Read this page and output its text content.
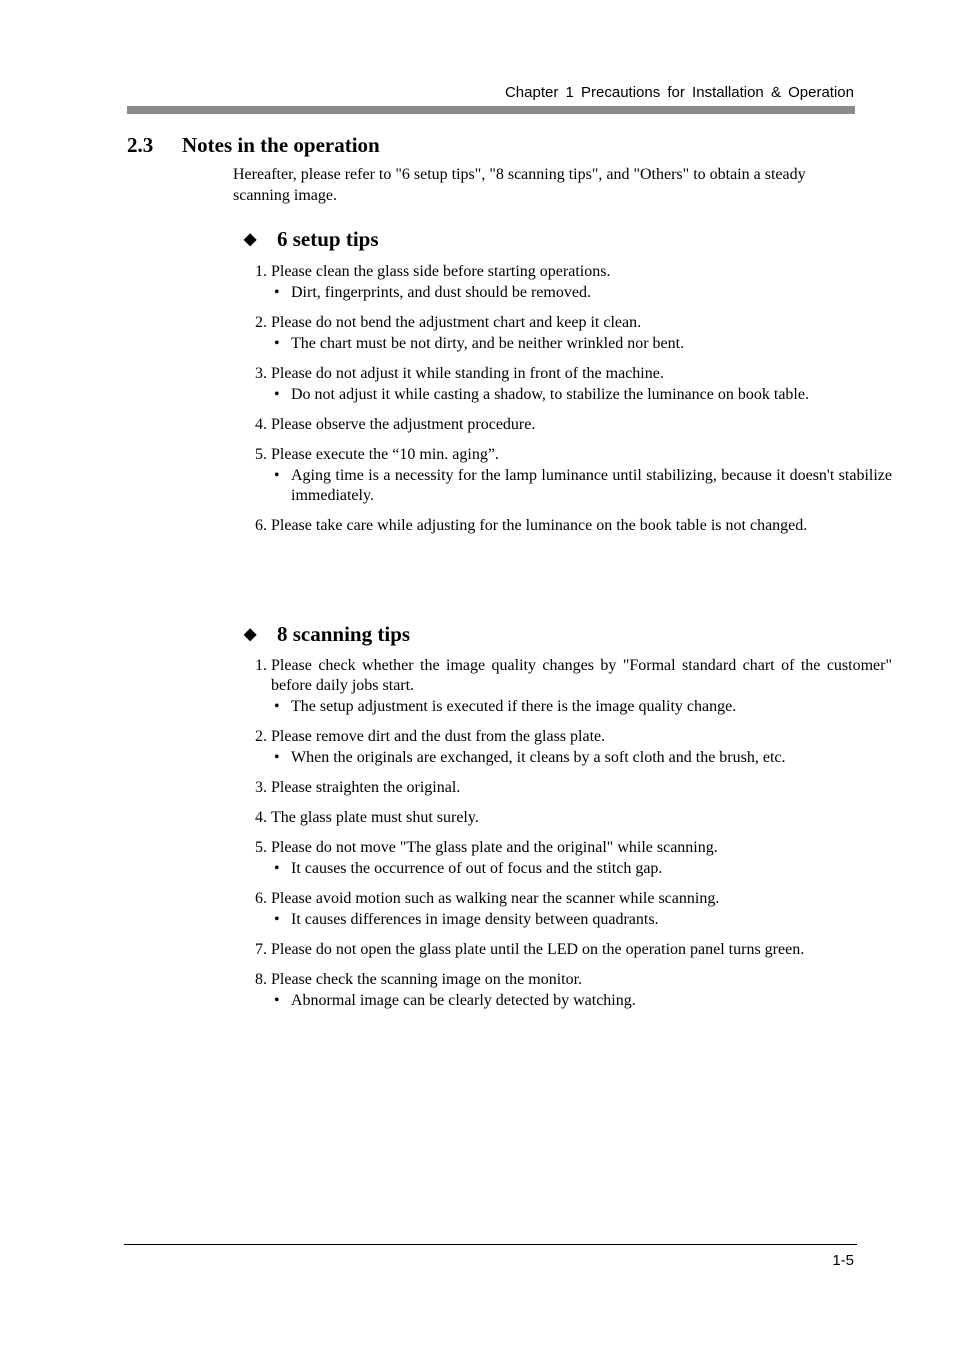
Chapter 1 Precautions for Installation & Operation
2.3 Notes in the operation
Hereafter, please refer to "6 setup tips", "8 scanning tips", and "Others" to obtain a steady scanning image.
◆ 6 setup tips
1. Please clean the glass side before starting operations.
• Dirt, fingerprints, and dust should be removed.
2. Please do not bend the adjustment chart and keep it clean.
• The chart must be not dirty, and be neither wrinkled nor bent.
3. Please do not adjust it while standing in front of the machine.
• Do not adjust it while casting a shadow, to stabilize the luminance on book table.
4. Please observe the adjustment procedure.
5. Please execute the “10 min. aging”.
• Aging time is a necessity for the lamp luminance until stabilizing, because it doesn't stabilize immediately.
6. Please take care while adjusting for the luminance on the book table is not changed.
◆ 8 scanning tips
1. Please check whether the image quality changes by "Formal standard chart of the customer" before daily jobs start.
• The setup adjustment is executed if there is the image quality change.
2. Please remove dirt and the dust from the glass plate.
• When the originals are exchanged, it cleans by a soft cloth and the brush, etc.
3. Please straighten the original.
4. The glass plate must shut surely.
5. Please do not move "The glass plate and the original" while scanning.
• It causes the occurrence of out of focus and the stitch gap.
6. Please avoid motion such as walking near the scanner while scanning.
• It causes differences in image density between quadrants.
7. Please do not open the glass plate until the LED on the operation panel turns green.
8. Please check the scanning image on the monitor.
• Abnormal image can be clearly detected by watching.
1-5
